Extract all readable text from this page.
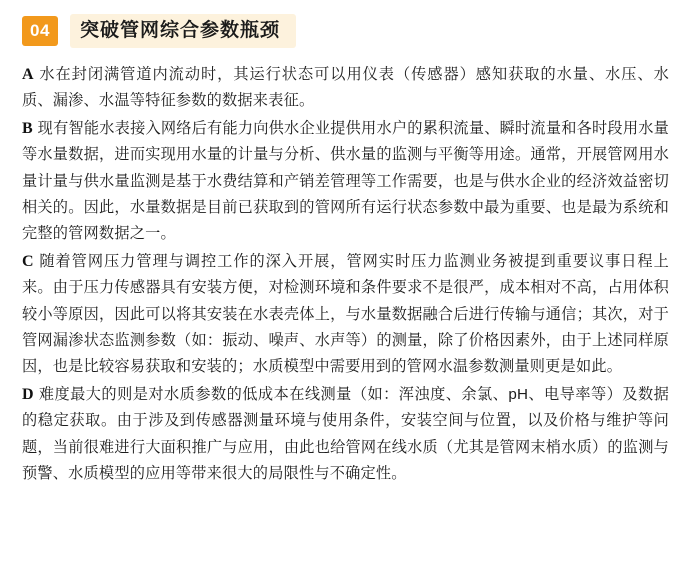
04	突破管网综合参数瓶颈

A 水在封闭满管道内流动时，其运行状态可以用仪表（传感器）感知获取的水量、水压、水质、漏渗、水温等特征参数的数据来表征。

B 现有智能水表接入网络后有能力向供水企业提供用水户的累积流量、瞬时流量和各时段用水量等水量数据，进而实现用水量的计量与分析、供水量的监测与平衡等用途。通常，开展管网用水量计量与供水量监测是基于水费结算和产销差管理等工作需要，也是与供水企业的经济效益密切相关的。因此，水量数据是目前已获取到的管网所有运行状态参数中最为重要、也是最为系统和完整的管网数据之一。

C 随着管网压力管理与调控工作的深入开展，管网实时压力监测业务被提到重要议事日程上来。由于压力传感器具有安装方便，对检测环境和条件要求不是很严，成本相对不高，占用体积较小等原因，因此可以将其安装在水表壳体上，与水量数据融合后进行传输与通信；其次，对于管网漏渗状态监测参数（如：振动、噪声、水声等）的测量，除了价格因素外，由于上述同样原因，也是比较容易获取和安装的；水质模型中需要用到的管网水温参数测量则更是如此。

D 难度最大的则是对水质参数的低成本在线测量（如：浑浊度、余氯、pH、电导率等）及数据的稳定获取。由于涉及到传感器测量环境与使用条件，安装空间与位置，以及价格与维护等问题，当前很难进行大面积推广与应用，由此也给管网在线水质（尤其是管网末梢水质）的监测与预警、水质模型的应用等带来很大的局限性与不确定性。
